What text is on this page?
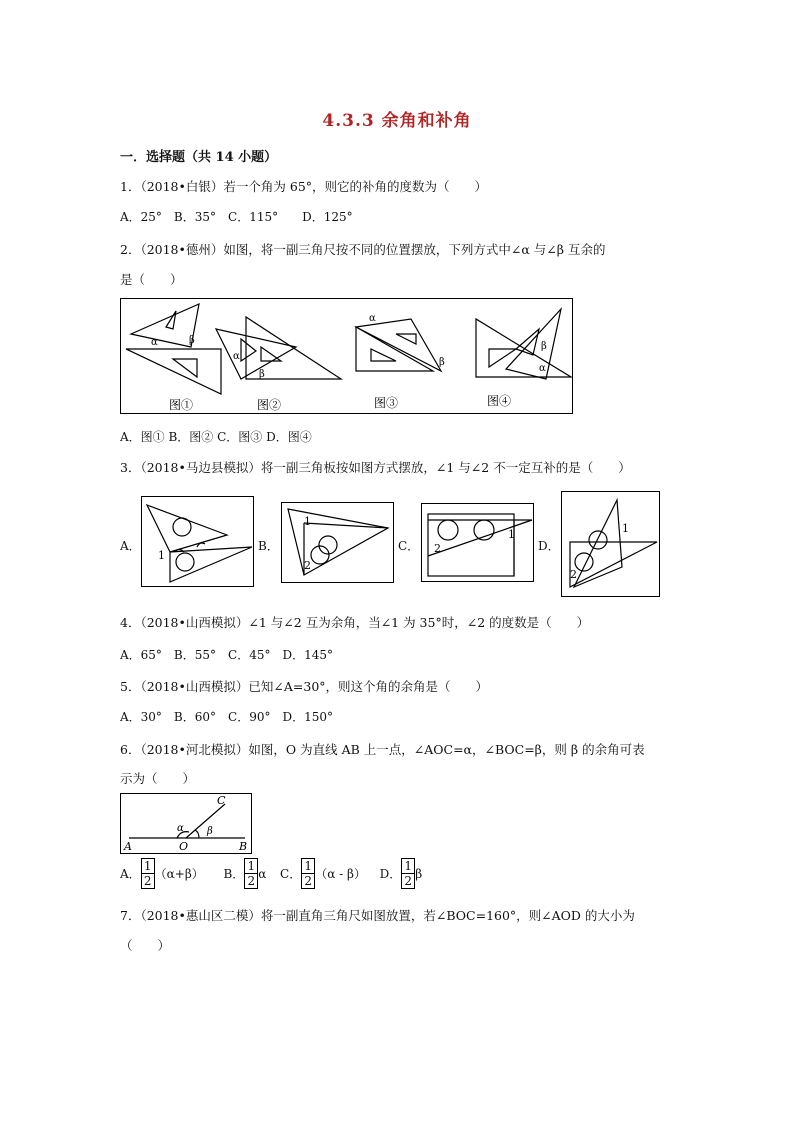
4.3.3 余角和补角
一．选择题（共 14 小题）
1．（2018•白银）若一个角为 65°，则它的补角的度数为（　　）
A．25°　B．35°　C．115°　　D．125°
2．（2018•德州）如图，将一副三角尺按不同的位置摆放，下列方式中∠α 与∠β 互余的
是（　　）
α	β
α
β
α
β
β
α
图①	图②	图③	图④
A．图① B．图② C．图③ D．图④
3．（2018•马边县模拟）将一副三角板按如图方式摆放，∠1 与∠2 不一定互补的是（　　）
A．
1
B．
1
2
C．
1
2	D．
1
2
4．（2018•山西模拟）∠1 与∠2 互为余角，当∠1 为 35°时，∠2 的度数是（　　）
A．65°　B．55°　C．45°　D．145°
5．（2018•山西模拟）已知∠A=30°，则这个角的余角是（　　）
A．30°　B．60°　C．90°　D．150°
6．（2018•河北模拟）如图，O 为直线 AB 上一点，∠AOC=α，∠BOC=β，则 β 的余角可表
示为（　　）
A	O	B
C
α β
A． $\frac{1}{2} (\alpha+\beta)$ B． $\frac{1}{2}$ α C． $\frac{1}{2} (\alpha - \beta)$ D． $\frac{1}{2}$ β
7．（2018•惠山区二模）将一副直角三角尺如图放置，若∠BOC=160°，则∠AOD 的大小为
（　　）
